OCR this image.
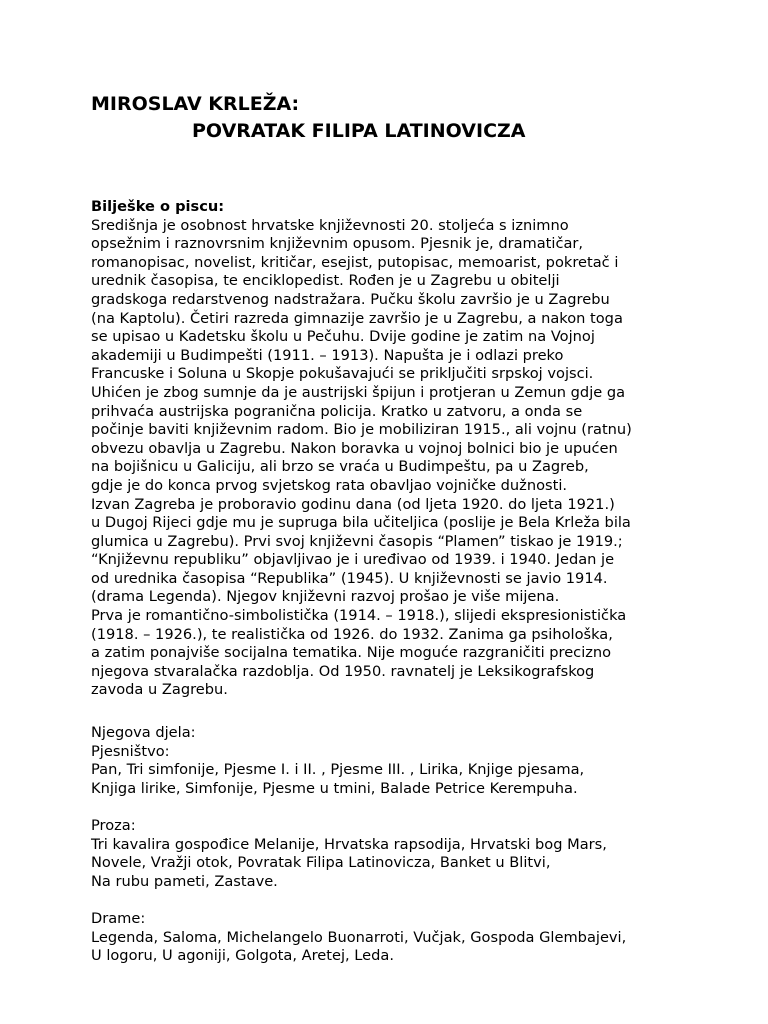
MIROSLAV KRLEŽA:
POVRATAK FILIPA LATINOVICZA
Bilješke o piscu:
Središnja je osobnost hrvatske književnosti 20. stoljeća s iznimno
opsežnim i raznovrsnim književnim opusom. Pjesnik je, dramatičar,
romanopisac, novelist, kritičar, esejist, putopisac, memoarist, pokretač i
urednik časopisa, te enciklopedist. Rođen je u Zagrebu u obitelji
gradskoga redarstvenog nadstražara. Pučku školu završio je u Zagrebu
(na Kaptolu). Četiri razreda gimnazije završio je u Zagrebu, a nakon toga
se upisao u Kadetsku školu u Pečuhu. Dvije godine je zatim na Vojnoj
akademiji u Budimpešti (1911. – 1913). Napušta je i odlazi preko
Francuske i Soluna u Skopje pokušavajući se priključiti srpskoj vojsci.
Uhićen je zbog sumnje da je austrijski špijun i protjeran u Zemun gdje ga
prihvaća austrijska pogranična policija. Kratko u zatvoru, a onda se
počinje baviti književnim radom. Bio je mobiliziran 1915., ali vojnu (ratnu)
obvezu obavlja u Zagrebu. Nakon boravka u vojnoj bolnici bio je upućen
na bojišnicu u Galiciju, ali brzo se vraća u Budimpeštu, pa u Zagreb,
gdje je do konca prvog svjetskog rata obavljao vojničke dužnosti.
Izvan Zagreba je proboravio godinu dana (od ljeta 1920. do ljeta 1921.)
u Dugoj Rijeci gdje mu je supruga bila učiteljica (poslije je Bela Krleža bila
glumica u Zagrebu). Prvi svoj književni časopis “Plamen” tiskao je 1919.;
“Književnu republiku” objavljivao je i uređivao od 1939. i 1940. Jedan je
od urednika časopisa “Republika” (1945). U književnosti se javio 1914.
(drama Legenda). Njegov književni razvoj prošao je više mijena.
Prva je romantično-simbolistička (1914. – 1918.), slijedi ekspresionistička
(1918. – 1926.), te realistička od 1926. do 1932. Zanima ga psihološka,
a zatim ponajviše socijalna tematika. Nije moguće razgraničiti precizno
njegova stvaralačka razdoblja. Od 1950. ravnatelj je Leksikografskog
zavoda u Zagrebu.
Njegova djela:
Pjesništvo:
Pan, Tri simfonije, Pjesme I. i II. , Pjesme III. , Lirika, Knjige pjesama,
Knjiga lirike, Simfonije, Pjesme u tmini, Balade Petrice Kerempuha.
Proza:
Tri kavalira gospođice Melanije, Hrvatska rapsodija, Hrvatski bog Mars,
Novele, Vražji otok, Povratak Filipa Latinovicza, Banket u Blitvi,
Na rubu pameti, Zastave.
Drame:
Legenda, Saloma, Michelangelo Buonarroti, Vučjak, Gospoda Glembajevi,
U logoru, U agoniji, Golgota, Aretej, Leda.
